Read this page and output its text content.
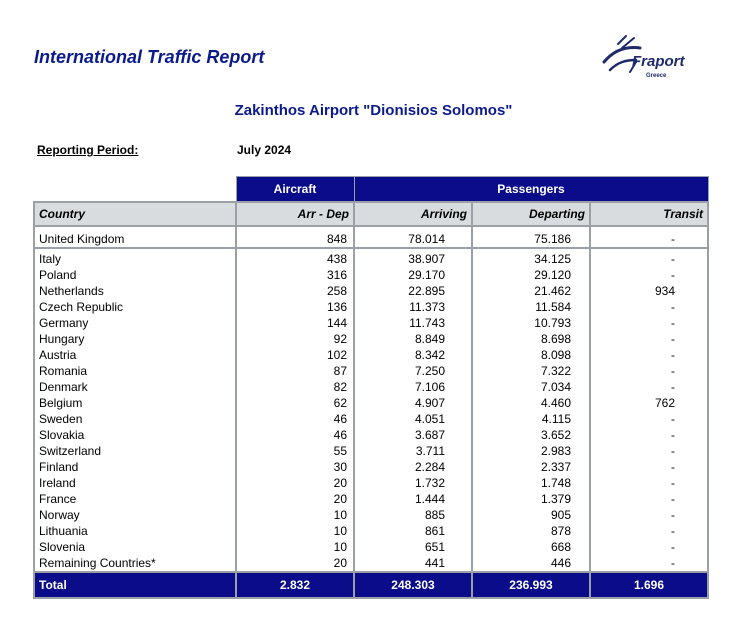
International Traffic Report	Fraport
Greece
Zakinthos Airport "Dionisios Solomos"
Reporting Period:	July 2024
	Aircraft	Passengers		
Country	Arr - Dep	Arriving	Departing	Transit
United Kingdom	848	78.014	75.186	-
Italy	438	38.907	34.125	-
Poland	316	29.170	29.120	-
Netherlands	258	22.895	21.462	934
Czech Republic	136	11.373	11.584	-
Germany	144	11.743	10.793	-
Hungary	92	8.849	8.698	-
Austria	102	8.342	8.098	-
Romania	87	7.250	7.322	-
Denmark	82	7.106	7.034	-
Belgium	62	4.907	4.460	762
Sweden	46	4.051	4.115	-
Slovakia	46	3.687	3.652	-
Switzerland	55	3.711	2.983	-
Finland	30	2.284	2.337	-
Ireland	20	1.732	1.748	-
France	20	1.444	1.379	-
Norway	10	885	905	-
Lithuania	10	861	878	-
Slovenia	10	651	668	-
Remaining Countries*	20	441	446	-
Total	2.832	248.303	236.993	1.696
